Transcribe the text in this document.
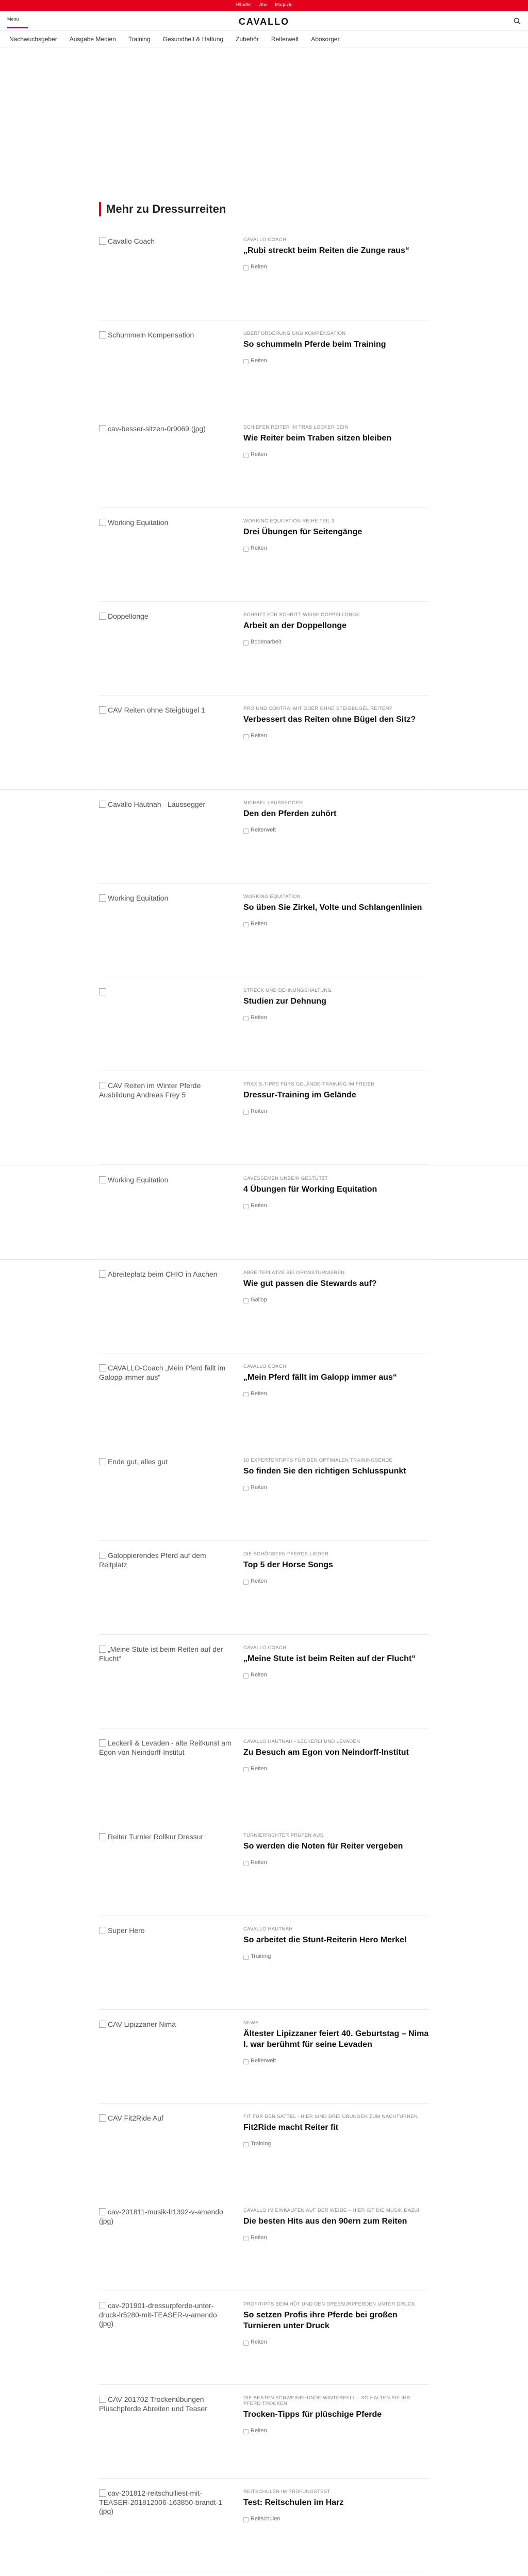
Händler Abo Magazin
Menu	CAVALLO
Nachwuchsgeber Ausgabe Medien Training Gesundheit & Haltung Zubehör Reiterwelt Abosorger
Mehr zu Dressurreiten
Cavallo Coach	CAVALLO COACH
„Rubi streckt beim Reiten die Zunge raus“
Reiten
Schummeln Kompensation	ÜBERFORDERUNG UND KOMPENSATION
So schummeln Pferde beim Training
Reiten
cav-besser-sitzen-0r9069 (jpg)	SCHIEFEN REITER IM TRAB LOCKER SEIN
Wie Reiter beim Traben sitzen bleiben
Reiten
Working Equitation	WORKING EQUITATION REIHE TEIL 3
Drei Übungen für Seitengänge
Reiten
Doppellonge	SCHRITT FÜR SCHRITT WEISE DOPPELLONGE
Arbeit an der Doppellonge
Bodenarbeit
CAV Reiten ohne Steigbügel 1	PRO UND CONTRA: MIT ODER OHNE STEIGBÜGEL REITEN?
Verbessert das Reiten ohne Bügel den Sitz?
Reiten
Cavallo Hautnah - Laussegger	MICHAEL LAUSSEGGER
Den den Pferden zuhört
Reiterwelt
Working Equitation	WORKING EQUITATION
So üben Sie Zirkel, Volte und Schlangenlinien
Reiten
STRECK UND DEHNUNGSHALTUNG
Studien zur Dehnung
Reiten
CAV Reiten im Winter Pferde Ausbildung Andreas Frey 5
PRAXIS-TIPPS FÜRS GELÄNDE-TRAINING IM FREIEN
Dressur-Training im Gelände
Reiten
Working Equitation	CAVESSEMEN UNBEIN GESTÜTZT
4 Übungen für Working Equitation
Reiten
Abreiteplatz beim CHIO in Aachen	ABREITEPLÄTZE BEI GROSSTURNIEREN
Wie gut passen die Stewards auf?
Gallop
CAVALLO-Coach „Mein Pferd fällt im Galopp immer aus“
CAVALLO COACH
„Mein Pferd fällt im Galopp immer aus“
Reiten
Ende gut, alles gut	10 EXPERTENTIPPS FÜR DEN OPTIMALEN TRAININGSENDE
So finden Sie den richtigen Schlusspunkt
Reiten
Galoppierendes Pferd auf dem Reitplatz
DIE SCHÖNSTEN PFERDE-LIEDER
Top 5 der Horse Songs
Reiten
„Meine Stute ist beim Reiten auf der Flucht“
CAVALLO COACH
„Meine Stute ist beim Reiten auf der Flucht“
Reiten
Leckerli & Levaden - alte Reitkunst am Egon von Neindorff-Institut
CAVALLO HAUTNAH - LECKERLI UND LEVADEN
Zu Besuch am Egon von Neindorff-Institut
Reiten
Reiter Turnier Rollkur Dressur	TURNIERRICHTER PRÜFEN AUS
So werden die Noten für Reiter vergeben
Reiten
Super Hero	CAVALLO HAUTNAH
So arbeitet die Stunt-Reiterin Hero Merkel
Training
CAV Lipizzaner Nima	NEWS
Ältester Lipizzaner feiert 40. Geburtstag – Nima I. war berühmt für seine Levaden
Reiterwelt
CAV Fit2Ride Auf	FIT FÜR DEN SATTEL - HIER SIND DREI ÜBUNGEN ZUM NACHTURNEN
Fit2Ride macht Reiter fit
Training
cav-201811-musik-lr1392-v-amendo (jpg)
CAVALLO IM EINKAUFEN AUF DER WEIDE – HIER IST DIE MUSIK DAZU!
Die besten Hits aus den 90ern zum Reiten
Reiten
cav-201901-dressurpferde-unter-druck-lr5280-mit-TEASER-v-amendo (jpg)
PROFITIPPS BEIM HÜT UND DEN DRESSURPFERDEN UNTER DRUCK
So setzen Profis ihre Pferde bei großen Turnieren unter Druck
Reiten
CAV 201702 Trockenübungen Plüschpferde Abreiten und Teaser
DIE BESTEN SCHWEINEHUNDE WINTERFELL – SO HALTEN SIE IHR PFERD TROCKEN
Trocken-Tipps für plüschige Pferde
Reiten
cav-201812-reitschulliest-mit-TEASER-201812006-163850-brandt-1 (jpg)
REITSCHULEN IM PRÜFUNGSTEST
Test: Reitschulen im Harz
Reitschulen
